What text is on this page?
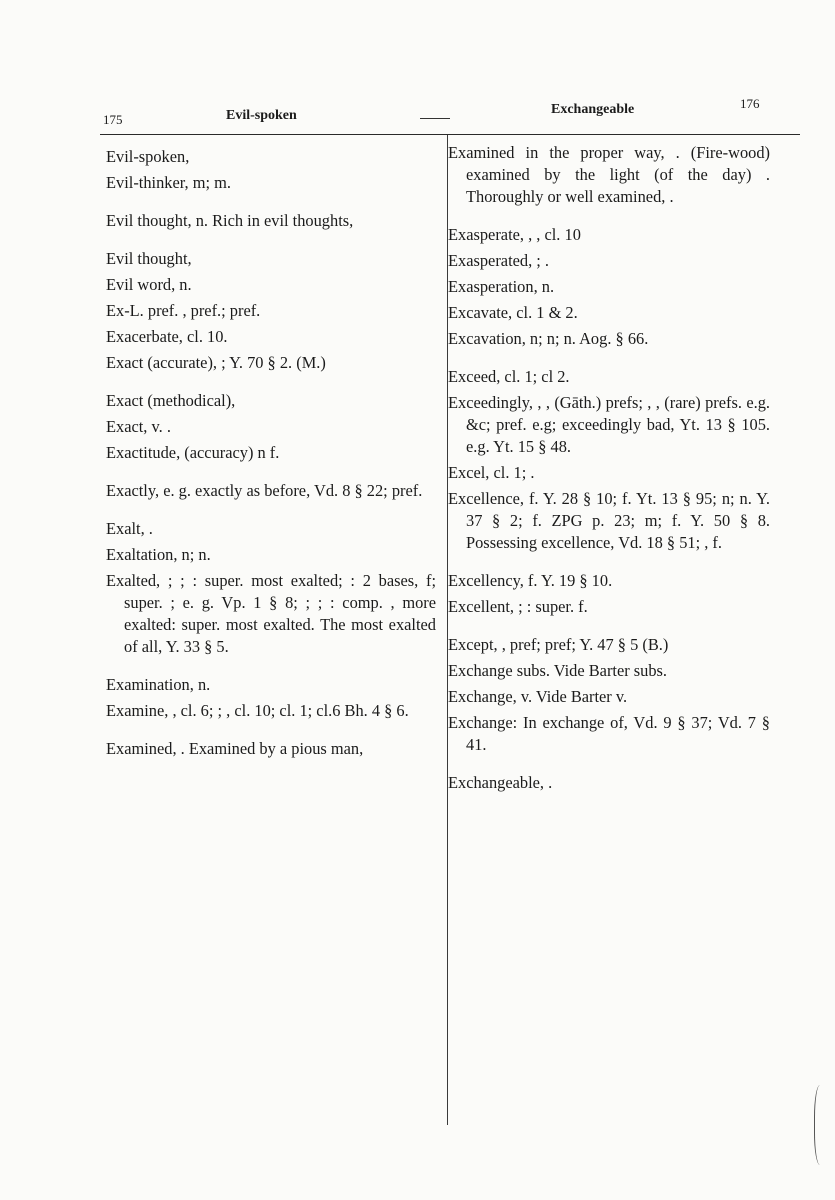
175	Evil-spoken	Exchangeable	176

Evil-spoken,

Evil-thinker, m; m.

Evil thought, n. Rich in evil thoughts,

Evil thought,

Evil word, n.

Ex-L. pref. , pref.; pref.

Exacerbate, cl. 10.

Exact (accurate), ; Y. 70 § 2. (M.)

Exact (methodical),

Exact, v. .

Exactitude, (accuracy) n f.

Exactly, e. g. exactly as before, Vd. 8 § 22; pref.

Exalt, .

Exaltation, n; n.

Exalted, ; ; : super. most exalted; : 2 bases, f; super. ; e. g. Vp. 1 § 8; ; ; : comp. , more exalted: super. most exalted. The most exalted of all, Y. 33 § 5.

Examination, n.

Examine, , cl. 6; ; , cl. 10; cl. 1; cl.6 Bh. 4 § 6.

Examined, . Examined by a pious man,

Examined in the proper way, . (Fire-wood) examined by the light (of the day) . Thoroughly or well examined, .

Exasperate, , , cl. 10

Exasperated, ; .

Exasperation, n.

Excavate, cl. 1 & 2.

Excavation, n; n; n. Aog. § 66.

Exceed, cl. 1; cl 2.

Exceedingly, , , (Gāth.) prefs; , , (rare) prefs. e.g. &c; pref. e.g; exceedingly bad, Yt. 13 § 105. e.g. Yt. 15 § 48.

Excel, cl. 1; .

Excellence, f. Y. 28 § 10; f. Yt. 13 § 95; n; n. Y. 37 § 2; f. ZPG p. 23; m; f. Y. 50 § 8. Possessing excellence, Vd. 18 § 51; , f.

Excellency, f. Y. 19 § 10.

Excellent, ; : super. f.

Except, , pref; pref; Y. 47 § 5 (B.)

Exchange subs. Vide Barter subs.

Exchange, v. Vide Barter v.

Exchange: In exchange of, Vd. 9 § 37; Vd. 7 § 41.

Exchangeable, .
